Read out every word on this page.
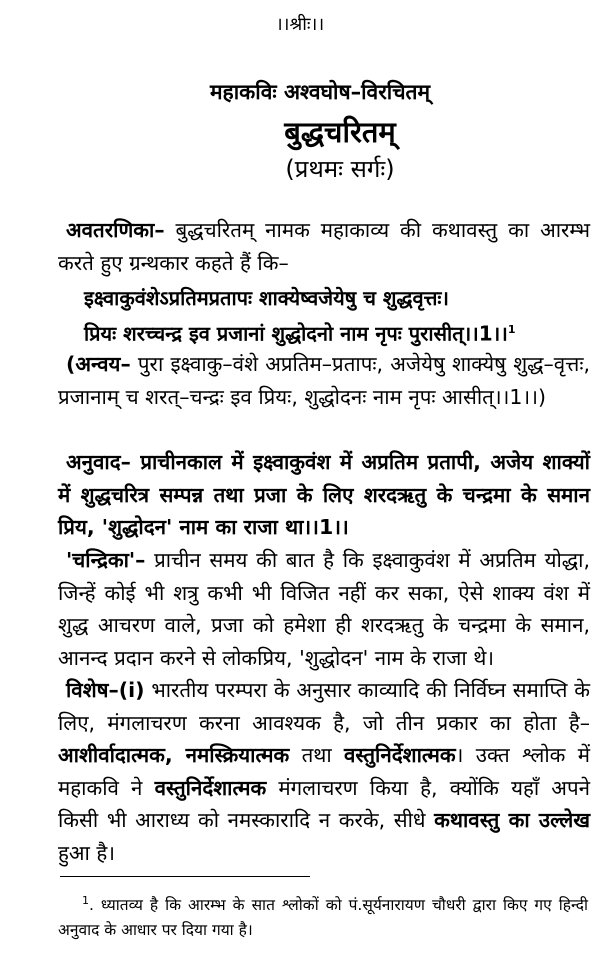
।।श्रीः।।
महाकविः अश्वघोष–विरचितम्
बुद्धचरितम्
(प्रथमः सर्गः)
अवतरणिका– बुद्धचरितम् नामक महाकाव्य की कथावस्तु का आरम्भ करते हुए ग्रन्थकार कहते हैं कि–
इक्ष्वाकुवंशेऽप्रतिमप्रतापः शाक्येष्वजेयेषु च शुद्धवृत्तः।
प्रियः शरच्चन्द्र इव प्रजानां शुद्धोदनो नाम नृपः पुरासीत्।।1।।$^1$
(अन्वय– पुरा इक्ष्वाकु–वंशे अप्रतिम–प्रतापः, अजेयेषु शाक्येषु शुद्ध–वृत्तः, प्रजानाम् च शरत्–चन्द्रः इव प्रियः, शुद्धोदनः नाम नृपः आसीत्।।1।।)
अनुवाद– प्राचीनकाल में इक्ष्वाकुवंश में अप्रतिम प्रतापी, अजेय शाक्यों में शुद्धचरित्र सम्पन्न तथा प्रजा के लिए शरदऋतु के चन्द्रमा के समान प्रिय, 'शुद्धोदन' नाम का राजा था।।1।।
'चन्द्रिका'– प्राचीन समय की बात है कि इक्ष्वाकुवंश में अप्रतिम योद्धा, जिन्हें कोई भी शत्रु कभी भी विजित नहीं कर सका, ऐसे शाक्य वंश में शुद्ध आचरण वाले, प्रजा को हमेशा ही शरदऋतु के चन्द्रमा के समान, आनन्द प्रदान करने से लोकप्रिय, 'शुद्धोदन' नाम के राजा थे।
विशेष–(i) भारतीय परम्परा के अनुसार काव्यादि की निर्विघ्न समाप्ति के लिए, मंगलाचरण करना आवश्यक है, जो तीन प्रकार का होता है– आशीर्वादात्मक, नमस्क्रियात्मक तथा वस्तुनिर्देशात्मक। उक्त श्लोक में महाकवि ने वस्तुनिर्देशात्मक मंगलाचरण किया है, क्योंकि यहाँ अपने किसी भी आराध्य को नमस्कारादि न करके, सीधे कथावस्तु का उल्लेख हुआ है।
$^1$. ध्यातव्य है कि आरम्भ के सात श्लोकों को पं.सूर्यनारायण चौधरी द्वारा किए गए हिन्दी अनुवाद के आधार पर दिया गया है।
